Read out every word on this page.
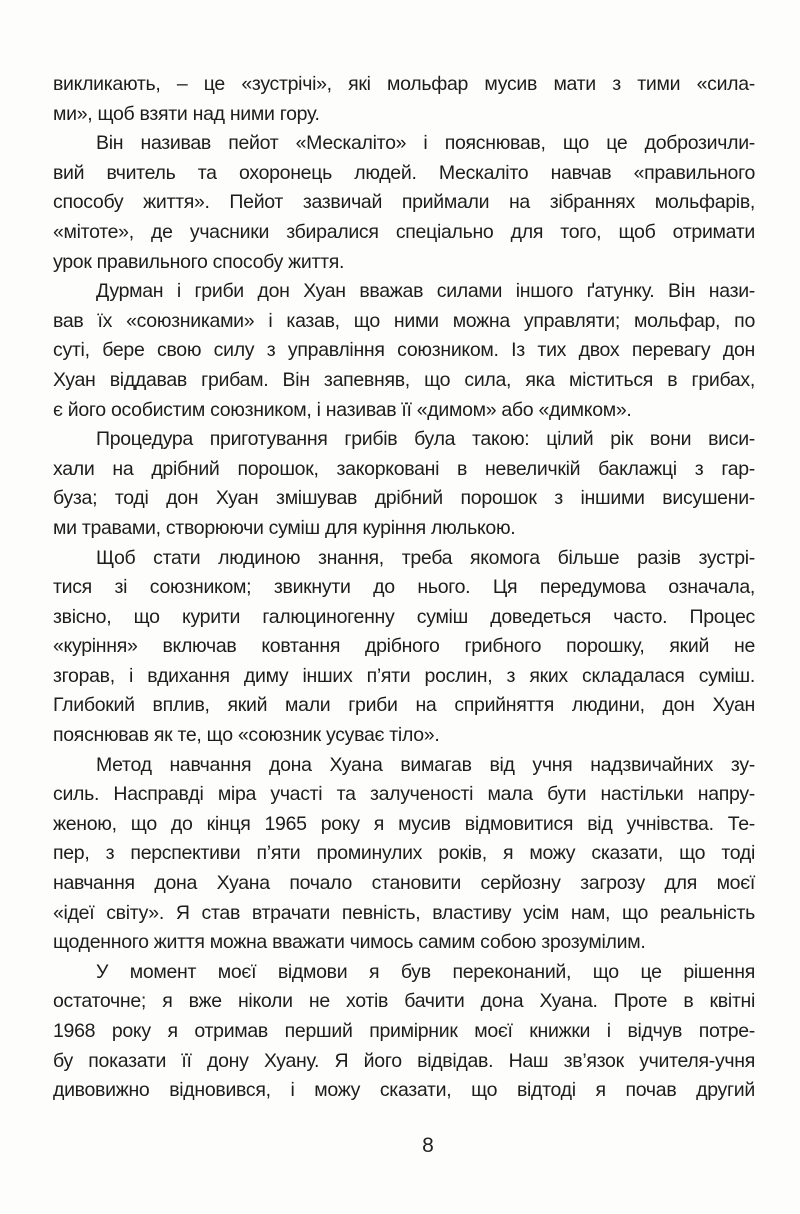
викликають, – це «зустрічі», які мольфар мусив мати з тими «сила-
ми», щоб взяти над ними гору.
Він називав пейот «Мескаліто» і пояснював, що це доброзичли-
вий вчитель та охоронець людей. Мескаліто навчав «правильного
способу життя». Пейот зазвичай приймали на зібраннях мольфарів,
«мітоте», де учасники збиралися спеціально для того, щоб отримати
урок правильного способу життя.
Дурман і гриби дон Хуан вважав силами іншого ґатунку. Він нази-
вав їх «союзниками» і казав, що ними можна управляти; мольфар, по
суті, бере свою силу з управління союзником. Із тих двох перевагу дон
Хуан віддавав грибам. Він запевняв, що сила, яка міститься в грибах,
є його особистим союзником, і називав її «димом» або «димком».
Процедура приготування грибів була такою: цілий рік вони виси-
хали на дрібний порошок, закорковані в невеличкій баклажці з гар-
буза; тоді дон Хуан змішував дрібний порошок з іншими висушени-
ми травами, створюючи суміш для куріння люлькою.
Щоб стати людиною знання, треба якомога більше разів зустрі-
тися зі союзником; звикнути до нього. Ця передумова означала,
звісно, що курити галюциногенну суміш доведеться часто. Процес
«куріння» включав ковтання дрібного грибного порошку, який не
згорав, і вдихання диму інших п’яти рослин, з яких складалася суміш.
Глибокий вплив, який мали гриби на сприйняття людини, дон Хуан
пояснював як те, що «союзник усуває тіло».
Метод навчання дона Хуана вимагав від учня надзвичайних зу-
силь. Насправді міра участі та залученості мала бути настільки напру-
женою, що до кінця 1965 року я мусив відмовитися від учнівства. Те-
пер, з перспективи п’яти проминулих років, я можу сказати, що тоді
навчання дона Хуана почало становити серйозну загрозу для моєї
«ідеї світу». Я став втрачати певність, властиву усім нам, що реальність
щоденного життя можна вважати чимось самим собою зрозумілим.
У момент моєї відмови я був переконаний, що це рішення
остаточне; я вже ніколи не хотів бачити дона Хуана. Проте в квітні
1968 року я отримав перший примірник моєї книжки і відчув потре-
бу показати її дону Хуану. Я його відвідав. Наш зв’язок учителя-учня
дивовижно відновився, і можу сказати, що відтоді я почав другий
8
